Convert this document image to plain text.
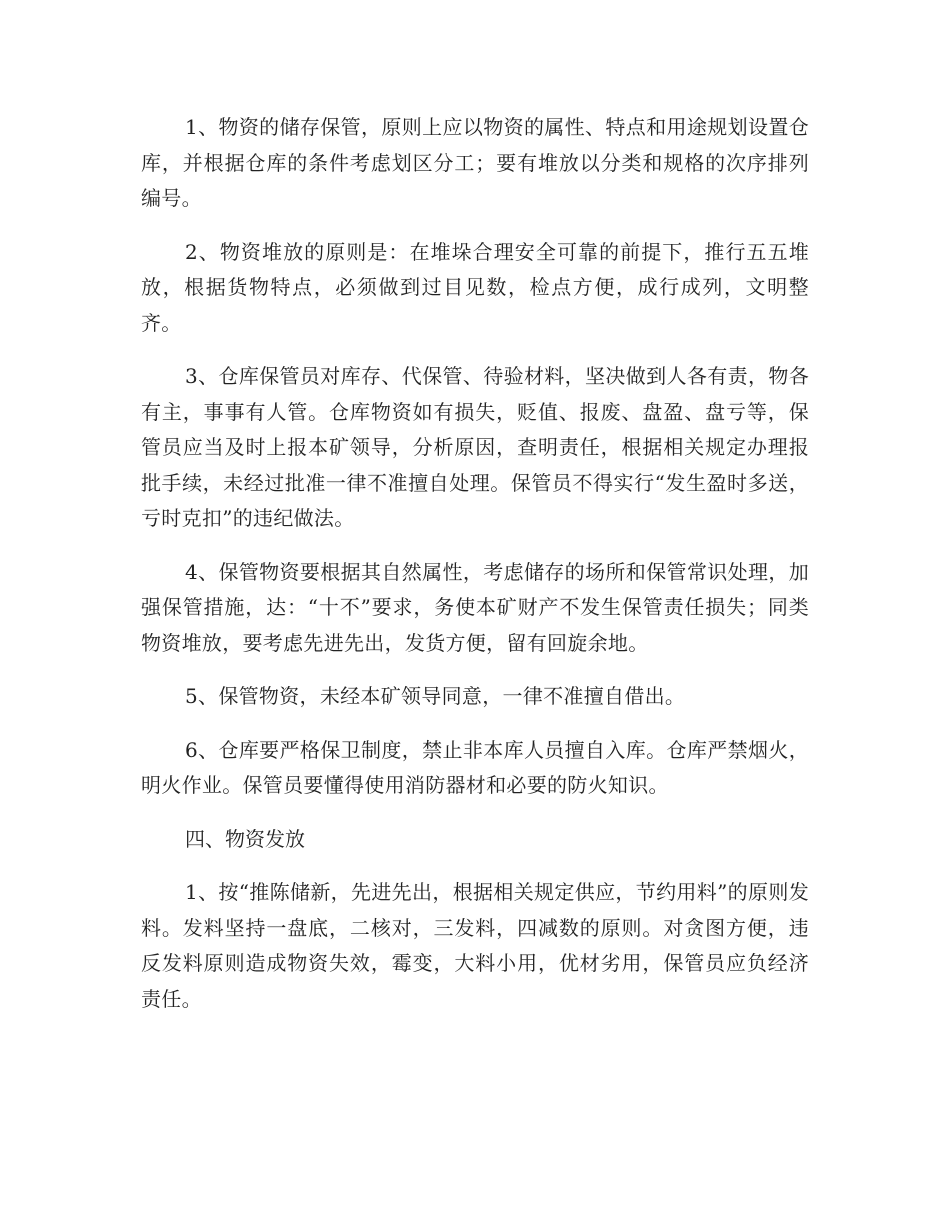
1、物资的储存保管，原则上应以物资的属性、特点和用途规划设置仓库，并根据仓库的条件考虑划区分工；要有堆放以分类和规格的次序排列编号。

2、物资堆放的原则是：在堆垛合理安全可靠的前提下，推行五五堆放，根据货物特点，必须做到过目见数，检点方便，成行成列，文明整齐。

3、仓库保管员对库存、代保管、待验材料，坚决做到人各有责，物各有主，事事有人管。仓库物资如有损失，贬值、报废、盘盈、盘亏等，保管员应当及时上报本矿领导，分析原因，查明责任，根据相关规定办理报批手续，未经过批准一律不准擅自处理。保管员不得实行“发生盈时多送，亏时克扣”的违纪做法。

4、保管物资要根据其自然属性，考虑储存的场所和保管常识处理，加强保管措施，达：“十不”要求，务使本矿财产不发生保管责任损失；同类物资堆放，要考虑先进先出，发货方便，留有回旋余地。

5、保管物资，未经本矿领导同意，一律不准擅自借出。

6、仓库要严格保卫制度，禁止非本库人员擅自入库。仓库严禁烟火，明火作业。保管员要懂得使用消防器材和必要的防火知识。

四、物资发放

1、按“推陈储新，先进先出，根据相关规定供应，节约用料”的原则发料。发料坚持一盘底，二核对，三发料，四减数的原则。对贪图方便，违反发料原则造成物资失效，霉变，大料小用，优材劣用，保管员应负经济责任。
